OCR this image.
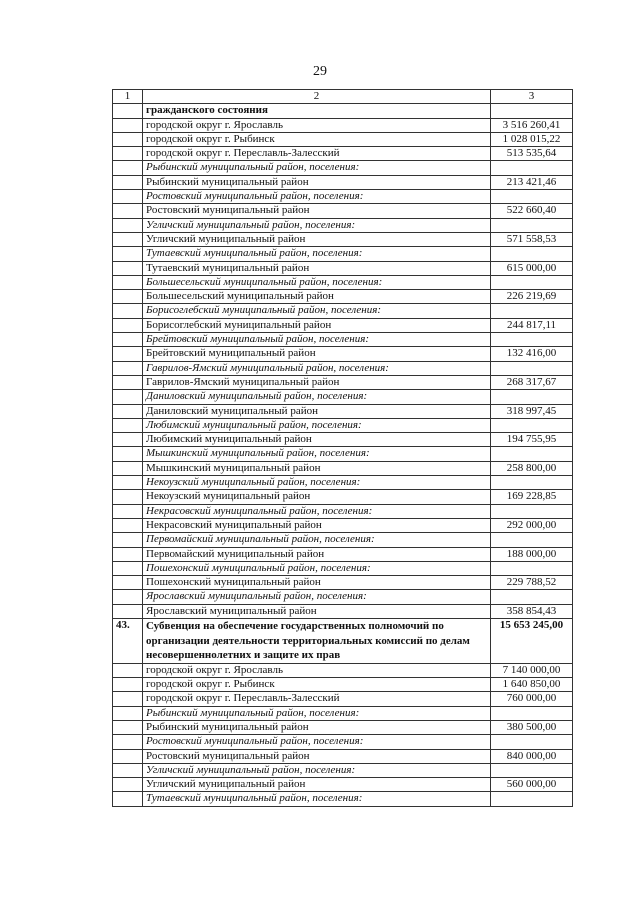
29
1	2	3
	гражданского состояния	
	городской округ г. Ярославль	3 516 260,41
	городской округ г. Рыбинск	1 028 015,22
	городской округ г. Переславль-Залесский	513 535,64
	Рыбинский муниципальный район, поселения:	
	Рыбинский муниципальный район	213 421,46
	Ростовский муниципальный район, поселения:	
	Ростовский муниципальный район	522 660,40
	Угличский муниципальный район, поселения:	
	Угличский муниципальный район	571 558,53
	Тутаевский муниципальный район, поселения:	
	Тутаевский муниципальный район	615 000,00
	Большесельский муниципальный район, поселения:	
	Большесельский муниципальный район	226 219,69
	Борисоглебский муниципальный район, поселения:	
	Борисоглебский муниципальный район	244 817,11
	Брейтовский муниципальный район, поселения:	
	Брейтовский муниципальный район	132 416,00
	Гаврилов-Ямский муниципальный район, поселения:	
	Гаврилов-Ямский муниципальный район	268 317,67
	Даниловский муниципальный район, поселения:	
	Даниловский муниципальный район	318 997,45
	Любимский муниципальный район, поселения:	
	Любимский муниципальный район	194 755,95
	Мышкинский муниципальный район, поселения:	
	Мышкинский муниципальный район	258 800,00
	Некоузский муниципальный район, поселения:	
	Некоузский муниципальный район	169 228,85
	Некрасовский муниципальный район, поселения:	
	Некрасовский муниципальный район	292 000,00
	Первомайский муниципальный район, поселения:	
	Первомайский муниципальный район	188 000,00
	Пошехонский муниципальный район, поселения:	
	Пошехонский муниципальный район	229 788,52
	Ярославский муниципальный район, поселения:	
	Ярославский муниципальный район	358 854,43
43.	Субвенция на обеспечение государственных полномочий по организации деятельности территориальных комиссий по делам несовершеннолетних и защите их прав	15 653 245,00
	городской округ г. Ярославль	7 140 000,00
	городской округ г. Рыбинск	1 640 850,00
	городской округ г. Переславль-Залесский	760 000,00
	Рыбинский муниципальный район, поселения:	
	Рыбинский муниципальный район	380 500,00
	Ростовский муниципальный район, поселения:	
	Ростовский муниципальный район	840 000,00
	Угличский муниципальный район, поселения:	
	Угличский муниципальный район	560 000,00
	Тутаевский муниципальный район, поселения:	
